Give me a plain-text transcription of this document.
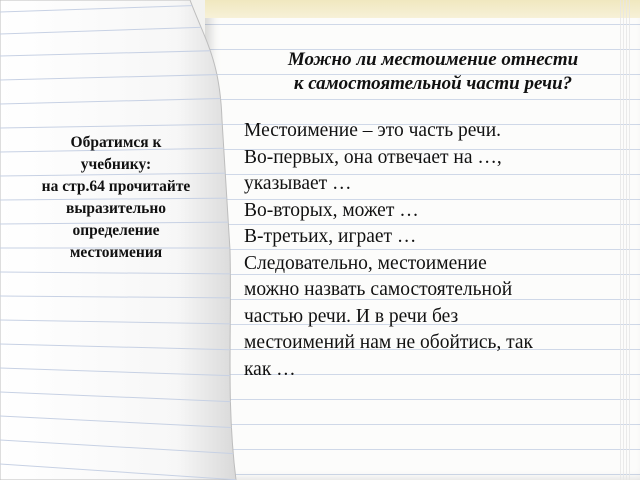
Можно ли местоимение отнести
к самостоятельной части речи?
Обратимся к
учебнику:
на стр.64 прочитайте
выразительно
определение
местоимения
Местоимение – это часть речи.
Во-первых, она отвечает на …,
указывает …
Во-вторых, может …
В-третьих, играет …
Следовательно, местоимение
можно назвать самостоятельной
частью речи. И в речи без
местоимений нам не обойтись, так
как …
